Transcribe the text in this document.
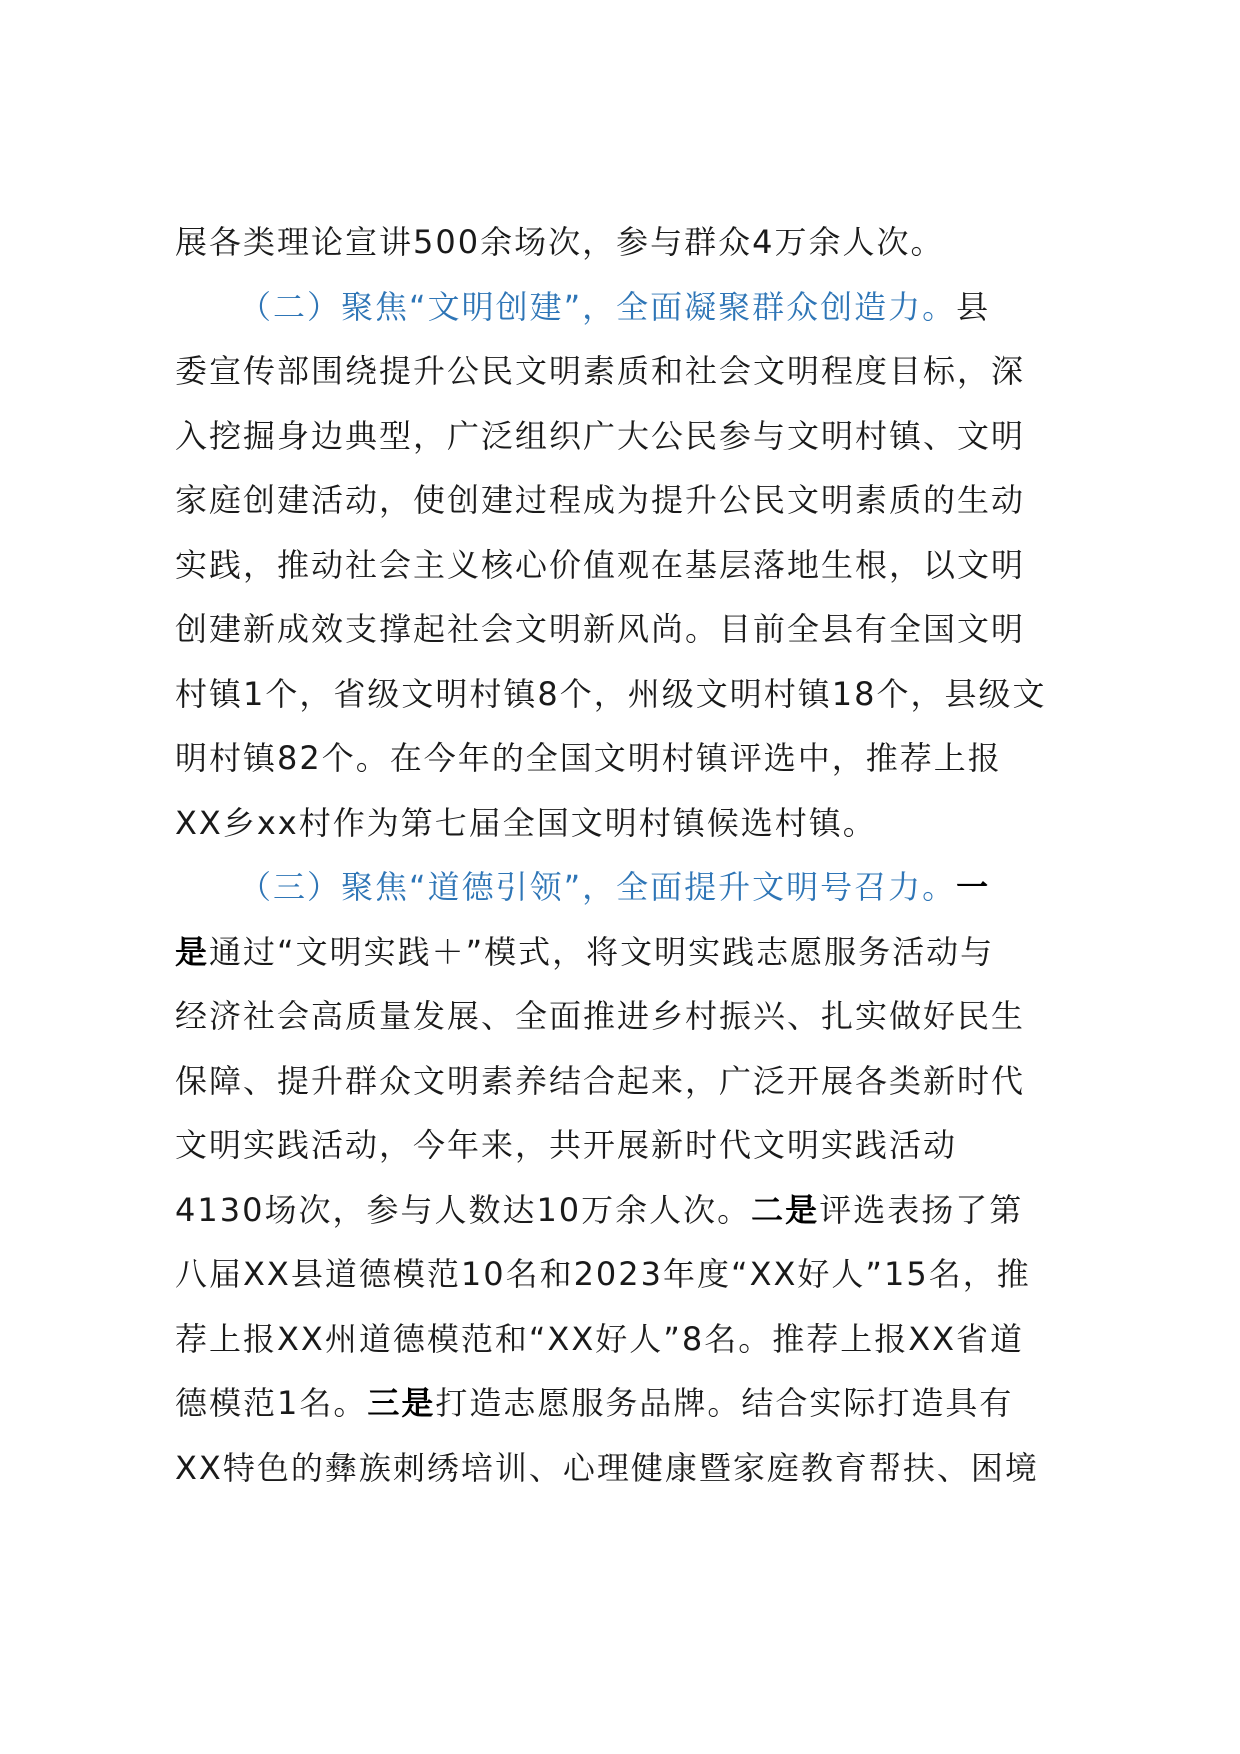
展各类理论宣讲500余场次，参与群众4万余人次。
（二）聚焦“文明创建”，全面凝聚群众创造力。县
委宣传部围绕提升公民文明素质和社会文明程度目标，深
入挖掘身边典型，广泛组织广大公民参与文明村镇、文明
家庭创建活动，使创建过程成为提升公民文明素质的生动
实践，推动社会主义核心价值观在基层落地生根，以文明
创建新成效支撑起社会文明新风尚。目前全县有全国文明
村镇1个，省级文明村镇8个，州级文明村镇18个，县级文
明村镇82个。在今年的全国文明村镇评选中，推荐上报
XX乡xx村作为第七届全国文明村镇候选村镇。
（三）聚焦“道德引领”，全面提升文明号召力。一
是通过“文明实践＋”模式，将文明实践志愿服务活动与
经济社会高质量发展、全面推进乡村振兴、扎实做好民生
保障、提升群众文明素养结合起来，广泛开展各类新时代
文明实践活动，今年来，共开展新时代文明实践活动
4130场次，参与人数达10万余人次。二是评选表扬了第
八届XX县道德模范10名和2023年度“XX好人”15名，推
荐上报XX州道德模范和“XX好人”8名。推荐上报XX省道
德模范1名。三是打造志愿服务品牌。结合实际打造具有
XX特色的彝族刺绣培训、心理健康暨家庭教育帮扶、困境
